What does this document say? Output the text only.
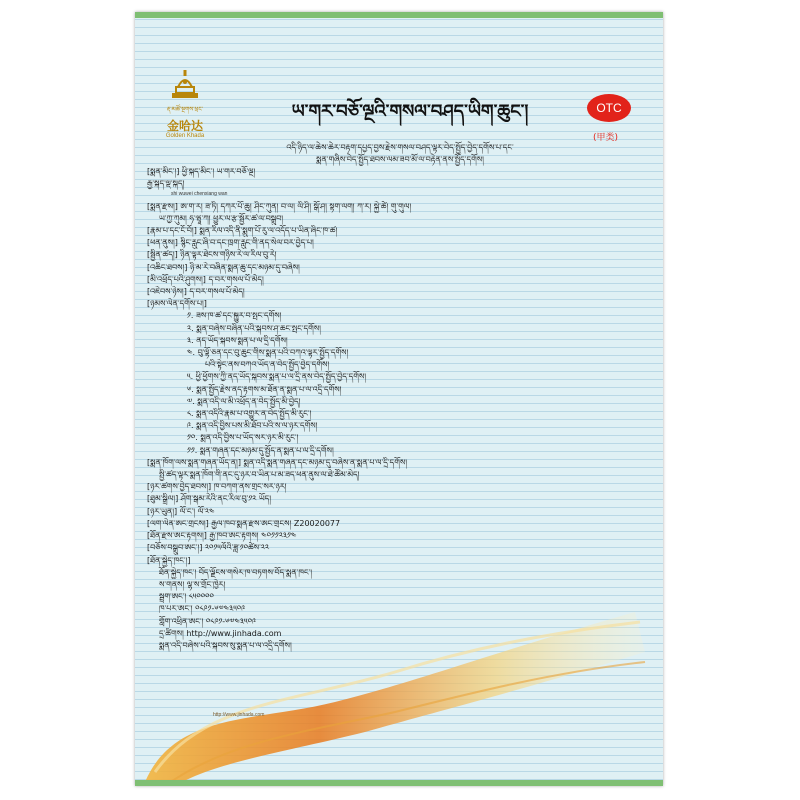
རྡ་མཚོ་སྔགས་ཕྲང་
金哈达
Golden Khada
ཡ་གར་བཅོ་ལྔའི་གསལ་བཤད་ཡིག་ཆུང་།	OTC
(甲类)
འདི་ཉིད་ལ་ཆེས་ཆེར་བརྟག་དཔྱད་བྱས་རྗེས་གསལ་བཤད་ལྟར་བེད་སྤྱོད་བྱེད་དགོས་པ་དང་
སྨན་གཞིས་བེད་སྤྱོད་ཐབས་ལམ་ཟབ་མོ་ལ་བརྟེན་ནས་སྤྱོད་དགོས།
[སྨན་མིང་།] ཕྱི་སྐད་མིང་། ཡ་གར་བཅོ་ལྔ།
རྒྱ་སྐད་ལྡ་སྐད།
shi wuwei chenxiang wan
[སྨན་རྫས།] ཨ་ག་ར། ཟ་ཏི། དཀར་པོ་ཆུ། ཤིང་ཀུན། བ་ལ། ལི་ཤི། སྒོ་ཤ། སྟག་ལག། ཀ་ར། སྐྱེ་ཚེ། གུ་གུལ།
ཡ་ཀྱ་ཀུམ། ཧ་ཝཱ་ཀ། ཕྱུར་ལ་རྩ་སྦྱོར་ཚ་ལ་བསྒྲུབ།
[རྣམ་པ་དང་ངོ་བོ།] སྨན་རིལ་འདི་ནི་སྨུག་པོ་རུ་ལ་འདོད་པ་ཡིན་ཞིང་ཁ་ཚ།
[ཕན་ནུས།] སྙིང་རླུང་ཞི་བ་དང་ཁྲག་རླུང་གི་ནད་སེལ་བར་བྱེད་པ།
[སྦྱིན་ཚད།] ཉིན་ལྟར་ཐེངས་གཉིས་རེ་ལ་རིལ་བུ་རེ།
[འཆིང་ཐབས།] ཉི་མ་རེ་བཞིན་སྨན་ཆུ་དང་མཉམ་དུ་བཞེས།
[མི་འཕྲོད་པའི་ཤུགས།] ད་བར་གསལ་པོ་མེད།
[འཇེབས་ཉེས།] ད་བར་གསལ་པོ་མེད།
[ཉམས་ལེན་དགོས་པ།]
༡. ཟས་ཁ་ཚ་དང་སྐྱུར་བ་སྤང་དགོས།
༢. སྨན་བཞེས་བཞིན་པའི་སྐབས་ཤ་ཆང་སྤང་དགོས།
༣. ནད་ཡོད་སྐབས་སྨན་པ་ལ་དྲི་དགོས།
༤. བུ་ལྟོ་ཅན་དང་བུ་ཆུང་གིས་སྨན་པའི་བཀའ་ལྟར་སྤྱོད་དགོས།
པའི་སྟེང་ནས་བཀའ་ཡོད་ན་བེད་སྤྱོད་བྱེད་དགོས།
༥. ཕྱི་ཕྱོགས་ཀྱི་ནད་ཡོད་སྐབས་སྨན་པ་ལ་དྲི་ནས་བེད་སྤྱོད་བྱེད་དགོས།
༦. སྨན་སྤྱོད་རྗེས་ནད་རྟགས་མ་ཐོན་ན་སྨན་པ་ལ་འདྲི་དགོས།
༧. སྨན་འདི་ལ་མི་འཕྲོད་ན་བེད་སྤྱོད་མི་བྱེད།
༨. སྨན་འདིའི་རྣམ་པ་འགྱུར་ན་བེད་སྤྱོད་མི་རུང་།
༩. སྨན་འདི་བྱིས་པས་མི་ཐོབ་པའི་ས་ལ་ཉར་དགོས།
༡༠. སྨན་འདི་བྱིས་པ་ཡོད་སར་ཉར་མི་རུང་།
༡༡. སྨན་གཞན་དང་མཉམ་དུ་སྤྱོད་ན་སྨན་པ་ལ་དྲི་དགོས།
[སྨན་ཁོག་ལས་སྨན་གཞན་ཡོད་ན།] སྨན་འདི་སྨན་གཞན་དང་མཉམ་དུ་བཞེས་ན་སྨན་པ་ལ་དྲི་དགོས།
སྤྱི་ཚད་ལྟར་སྨན་ཁོག་གི་ནང་དུ་ཉར་བ་ཡིན་པ་མ་ཟད་ཕན་ནུས་ལ་ཐེ་ཚོམ་མེད།
[ཉར་ཚགས་བྱེད་ཐབས།] ཁ་བཀག་ནས་གྲང་སར་ཉར།
[ཐུམ་སྒྲིལ།] ཤོག་སྒམ་རེའི་ནང་རིལ་བུ་༡༢ ཡོད།
[ཉར་ཡུན།] ལོ་ང་། ལོ་༢༤
[ལག་ལེན་ཨང་གྲངས།] རྒྱལ་ཁབ་སྨན་རྫས་ཨང་གྲངས། Z20020077
[ཐོན་རྫས་ཨང་རྟགས།] རྒྱ་ཁབ་ཨང་རྟགས། ༤༠༡༡༢༣༡༤
[བཅོས་བསྒྲུབ་ཨང་།] ༢༠༡༥ལོའི་ཟླ་༡༠ཚེས་༢༢
[ཐོན་སྐྱེད་ཁང་།]
ཐོན་སྐྱེད་ཁང་། བོད་ལྗོངས་གསེར་ཁ་བཏགས་བོད་སྨན་ཁང་།
ས་གནས། ལྷ་ས་གྲོང་ཁྱེར།
སྦྲག་ཨང་། ༨༥༠༠༠༠
ཁ་པར་ཨང་། ༠༨༩༡-༦༧༤༣༥༠༩
གློག་འཕྲིན་ཨང་། ༠༨༩༡-༦༧༤༣༥༠༩
དྲ་ཚིགས། http://www.jinhada.com
སྨན་འདི་བཞེས་པའི་སྐབས་སུ་སྨན་པ་ལ་འདྲི་དགོས།
http://www.jinhada.com
